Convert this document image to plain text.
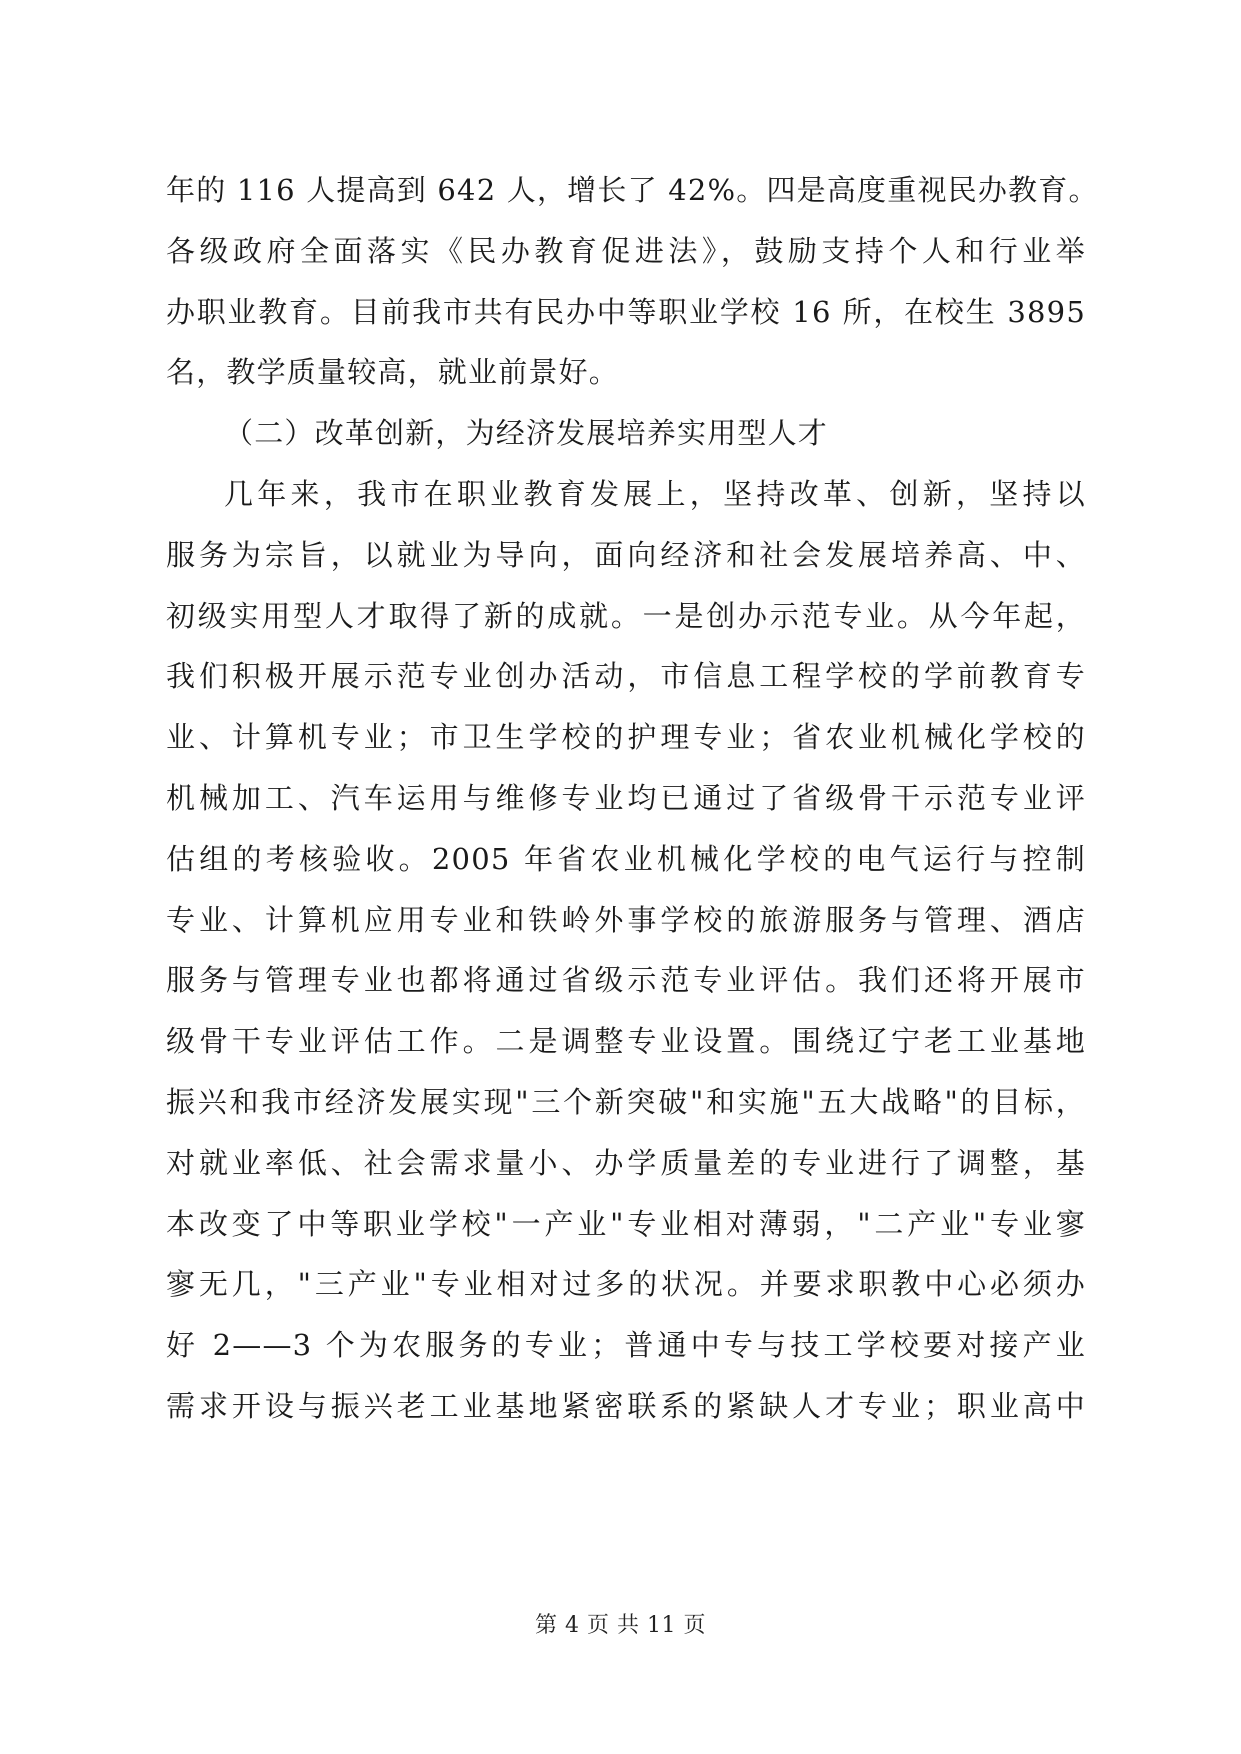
年的 116 人提高到 642 人，增长了 42%。四是高度重视民办教育。
各级政府全面落实《民办教育促进法》，鼓励支持个人和行业举
办职业教育。目前我市共有民办中等职业学校 16 所，在校生 3895
名，教学质量较高，就业前景好。
（二）改革创新，为经济发展培养实用型人才
几年来，我市在职业教育发展上，坚持改革、创新，坚持以
服务为宗旨，以就业为导向，面向经济和社会发展培养高、中、
初级实用型人才取得了新的成就。一是创办示范专业。从今年起，
我们积极开展示范专业创办活动，市信息工程学校的学前教育专
业、计算机专业；市卫生学校的护理专业；省农业机械化学校的
机械加工、汽车运用与维修专业均已通过了省级骨干示范专业评
估组的考核验收。2005 年省农业机械化学校的电气运行与控制
专业、计算机应用专业和铁岭外事学校的旅游服务与管理、酒店
服务与管理专业也都将通过省级示范专业评估。我们还将开展市
级骨干专业评估工作。二是调整专业设置。围绕辽宁老工业基地
振兴和我市经济发展实现"三个新突破"和实施"五大战略"的目标，
对就业率低、社会需求量小、办学质量差的专业进行了调整，基
本改变了中等职业学校"一产业"专业相对薄弱，"二产业"专业寥
寥无几，"三产业"专业相对过多的状况。并要求职教中心必须办
好 2——3 个为农服务的专业；普通中专与技工学校要对接产业
需求开设与振兴老工业基地紧密联系的紧缺人才专业；职业高中
第 4 页 共 11 页
